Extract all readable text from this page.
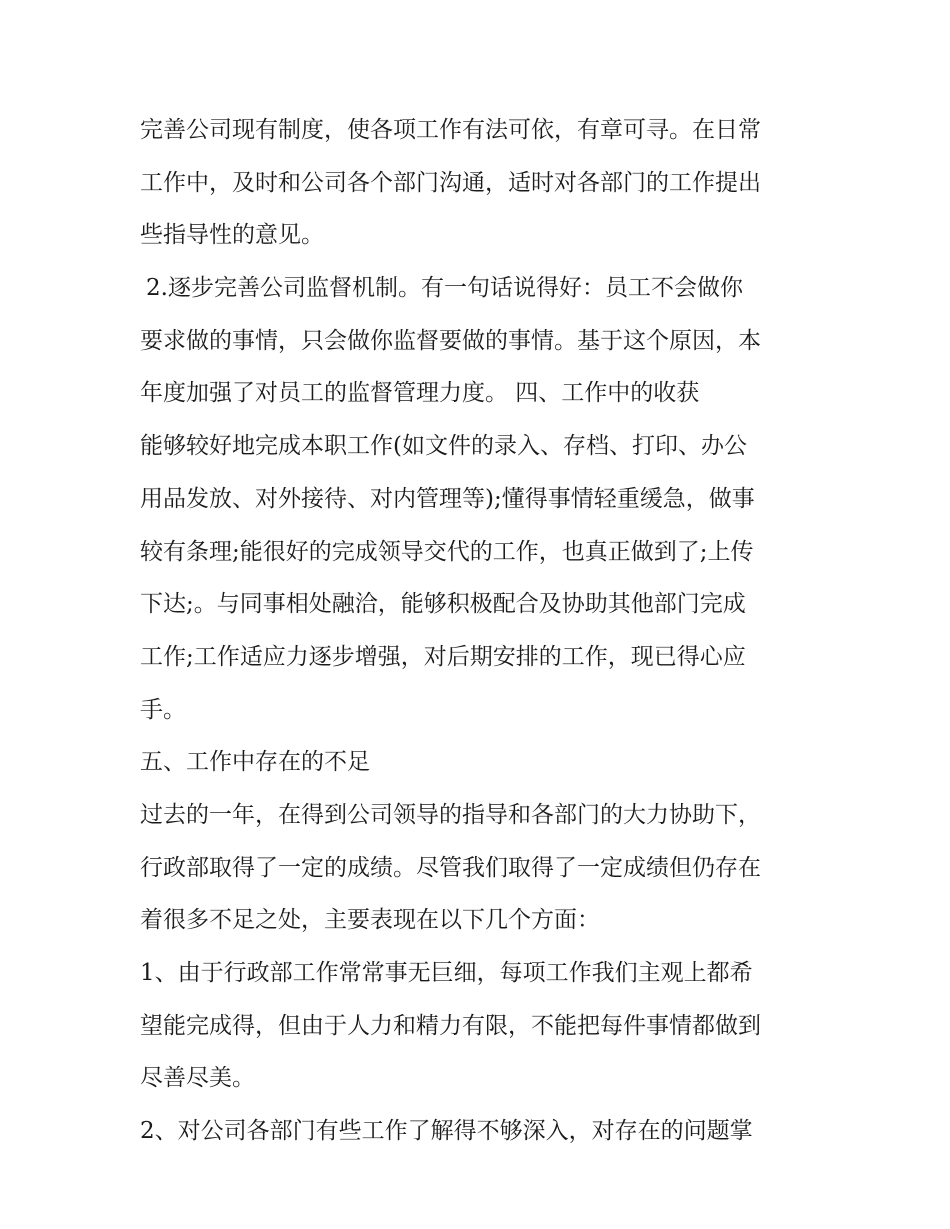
完善公司现有制度，使各项工作有法可依，有章可寻。在日常
工作中，及时和公司各个部门沟通，适时对各部门的工作提出
些指导性的意见。
2.逐步完善公司监督机制。有一句话说得好：员工不会做你
要求做的事情，只会做你监督要做的事情。基于这个原因，本
年度加强了对员工的监督管理力度。 四、工作中的收获
能够较好地完成本职工作(如文件的录入、存档、打印、办公
用品发放、对外接待、对内管理等);懂得事情轻重缓急，做事
较有条理;能很好的完成领导交代的工作，也真正做到了;上传
下达;。与同事相处融洽，能够积极配合及协助其他部门完成
工作;工作适应力逐步增强，对后期安排的工作，现已得心应
手。
五、工作中存在的不足
过去的一年，在得到公司领导的指导和各部门的大力协助下，
行政部取得了一定的成绩。尽管我们取得了一定成绩但仍存在
着很多不足之处，主要表现在以下几个方面：
1、由于行政部工作常常事无巨细，每项工作我们主观上都希
望能完成得，但由于人力和精力有限，不能把每件事情都做到
尽善尽美。
2、对公司各部门有些工作了解得不够深入，对存在的问题掌
